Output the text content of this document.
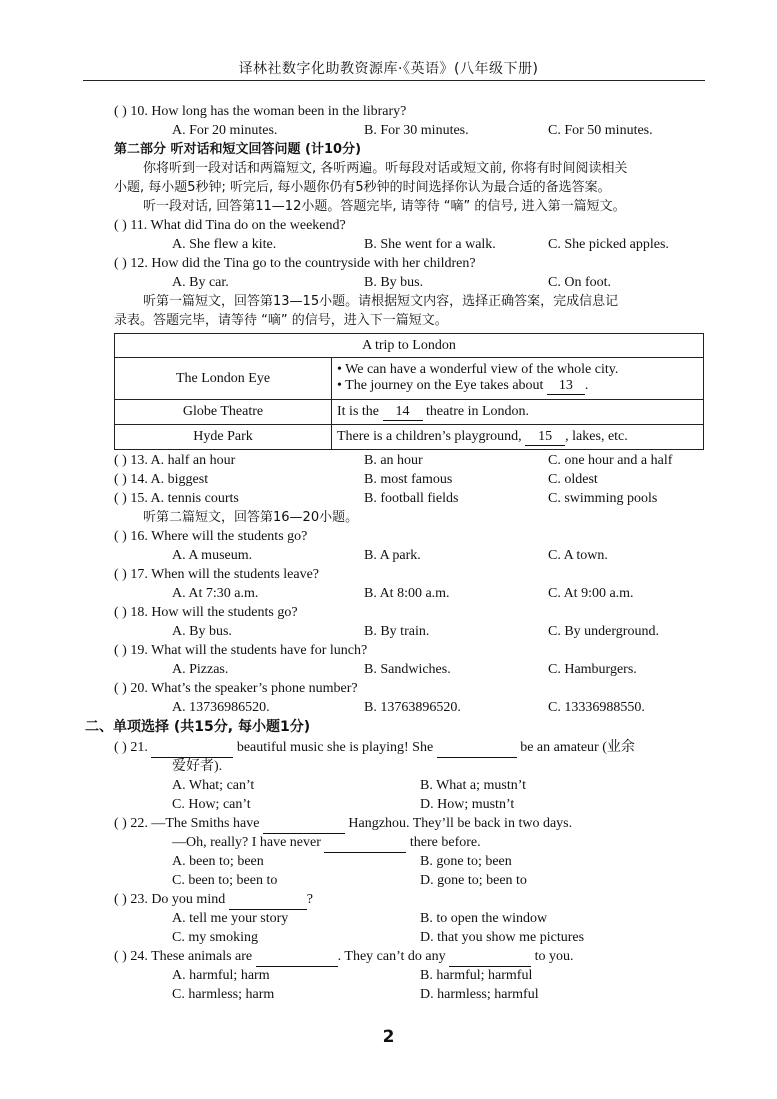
译林社数字化助教资源库·《英语》(八年级下册)
( ) 10. How long has the woman been in the library?
A. For 20 minutes.	B. For 30 minutes.	C. For 50 minutes.
第二部分 听对话和短文回答问题 (计10分)
你将听到一段对话和两篇短文, 各听两遍。听每段对话或短文前, 你将有时间阅读相关
小题, 每小题5秒钟; 听完后, 每小题你仍有5秒钟的时间选择你认为最合适的备选答案。
听一段对话, 回答第11—12小题。答题完毕, 请等待 “嘀” 的信号, 进入第一篇短文。
( ) 11. What did Tina do on the weekend?
A. She flew a kite.	B. She went for a walk.	C. She picked apples.
( ) 12. How did the Tina go to the countryside with her children?
A. By car.	B. By bus.	C. On foot.
听第一篇短文，回答第13—15小题。请根据短文内容，选择正确答案，完成信息记
录表。答题完毕，请等待 “嘀” 的信号，进入下一篇短文。
A trip to London	
The London Eye	• We can have a wonderful view of the whole city.
• The journey on the Eye takes about 13 .

Globe Theatre	It is the 14 theatre in London.
Hyde Park	There is a children’s playground, 15 , lakes, etc.
( ) 13. A. half an hour	B. an hour	C. one hour and a half
( ) 14. A. biggest	B. most famous	C. oldest
( ) 15. A. tennis courts	B. football fields	C. swimming pools
听第二篇短文，回答第16—20小题。
( ) 16. Where will the students go?
A. A museum.	B. A park.	C. A town.
( ) 17. When will the students leave?
A. At 7:30 a.m.	B. At 8:00 a.m.	C. At 9:00 a.m.
( ) 18. How will the students go?
A. By bus.	B. By train.	C. By underground.
( ) 19. What will the students have for lunch?
A. Pizzas.	B. Sandwiches.	C. Hamburgers.
( ) 20. What’s the speaker’s phone number?
A. 13736986520.	B. 13763896520.	C. 13336988550.
二、单项选择 (共15分, 每小题1分)
( ) 21.	beautiful music she is playing! She	be an amateur (业余
爱好者).
A. What; can’t	B. What a; mustn’t
C. How; can’t	D. How; mustn’t
( ) 22. —The Smiths have	Hangzhou. They’ll be back in two days.
—Oh, really? I have never	there before.
A. been to; been	B. gone to; been
C. been to; been to	D. gone to; been to
( ) 23. Do you mind	?
A. tell me your story	B. to open the window
C. my smoking	D. that you show me pictures
( ) 24. These animals are	. They can’t do any	to you.
A. harmful; harm	B. harmful; harmful
C. harmless; harm	D. harmless; harmful
2
